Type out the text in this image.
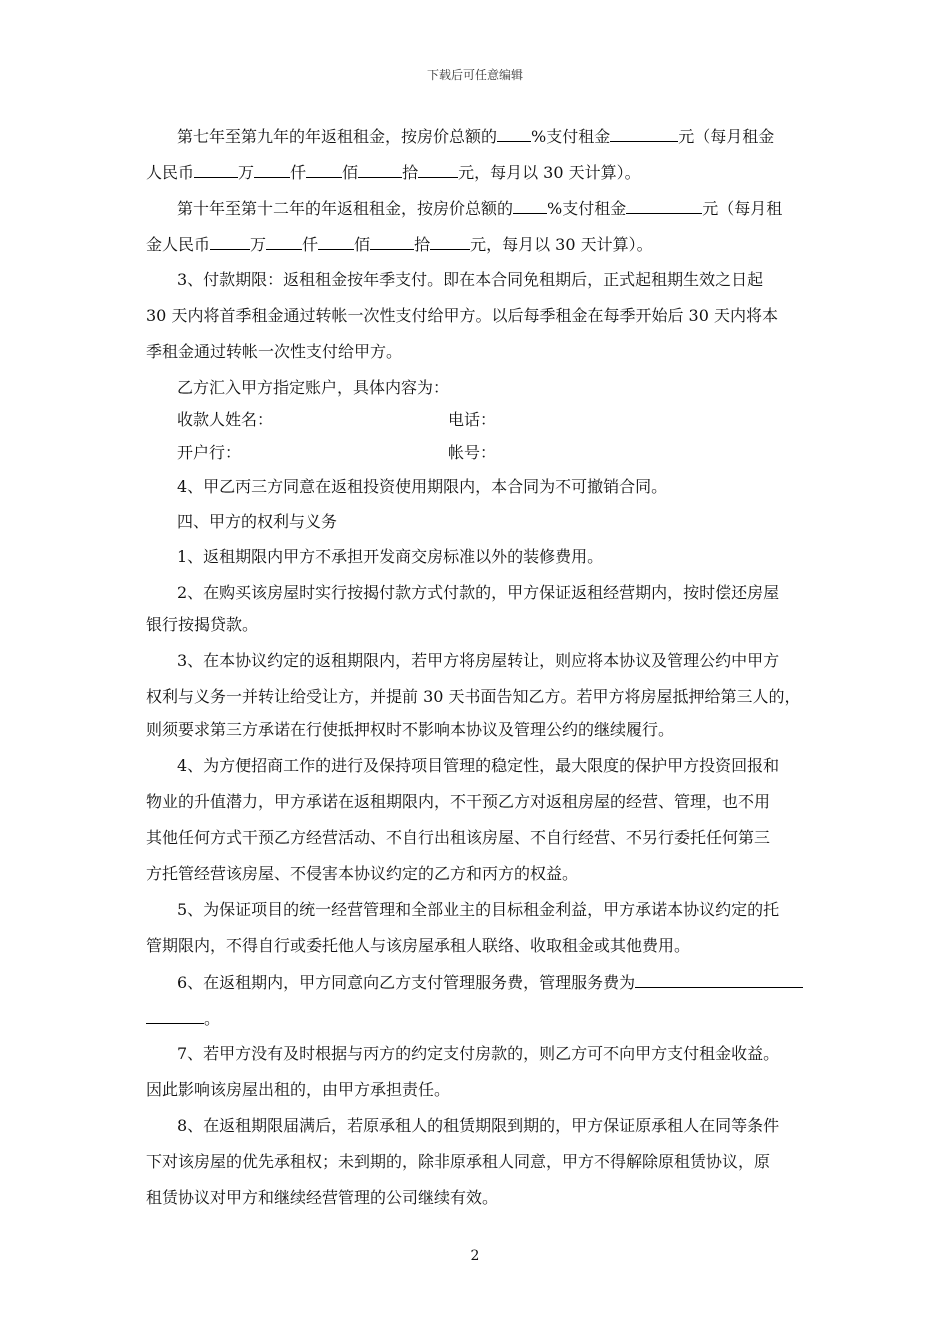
下载后可任意编辑
第七年至第九年的年返租租金，按房价总额的 %支付租金	元（每月租金
人民币	万 仟 佰	拾	元，每月以 30 天计算）。
第十年至第十二年的年返租租金，按房价总额的 %支付租金	元（每月租
金人民币	万 仟 佰	拾	元，每月以 30 天计算）。
3、付款期限：返租租金按年季支付。即在本合同免租期后，正式起租期生效之日起
30 天内将首季租金通过转帐一次性支付给甲方。以后每季租金在每季开始后 30 天内将本
季租金通过转帐一次性支付给甲方。
乙方汇入甲方指定账户，具体内容为：
收款人姓名：	电话：
开户行：	帐号：
4、甲乙丙三方同意在返租投资使用期限内，本合同为不可撤销合同。
四、甲方的权利与义务
1、返租期限内甲方不承担开发商交房标准以外的装修费用。
2、在购买该房屋时实行按揭付款方式付款的，甲方保证返租经营期内，按时偿还房屋
银行按揭贷款。
3、在本协议约定的返租期限内，若甲方将房屋转让，则应将本协议及管理公约中甲方
权利与义务一并转让给受让方，并提前 30 天书面告知乙方。若甲方将房屋抵押给第三人的，
则须要求第三方承诺在行使抵押权时不影响本协议及管理公约的继续履行。
4、为方便招商工作的进行及保持项目管理的稳定性，最大限度的保护甲方投资回报和
物业的升值潜力，甲方承诺在返租期限内，不干预乙方对返租房屋的经营、管理，也不用
其他任何方式干预乙方经营活动、不自行出租该房屋、不自行经营、不另行委托任何第三
方托管经营该房屋、不侵害本协议约定的乙方和丙方的权益。
5、为保证项目的统一经营管理和全部业主的目标租金利益，甲方承诺本协议约定的托
管期限内，不得自行或委托他人与该房屋承租人联络、收取租金或其他费用。
6、在返租期内，甲方同意向乙方支付管理服务费，管理服务费为
。
7、若甲方没有及时根据与丙方的约定支付房款的，则乙方可不向甲方支付租金收益。
因此影响该房屋出租的，由甲方承担责任。
8、在返租期限届满后，若原承租人的租赁期限到期的，甲方保证原承租人在同等条件
下对该房屋的优先承租权；未到期的，除非原承租人同意，甲方不得解除原租赁协议，原
租赁协议对甲方和继续经营管理的公司继续有效。
2
